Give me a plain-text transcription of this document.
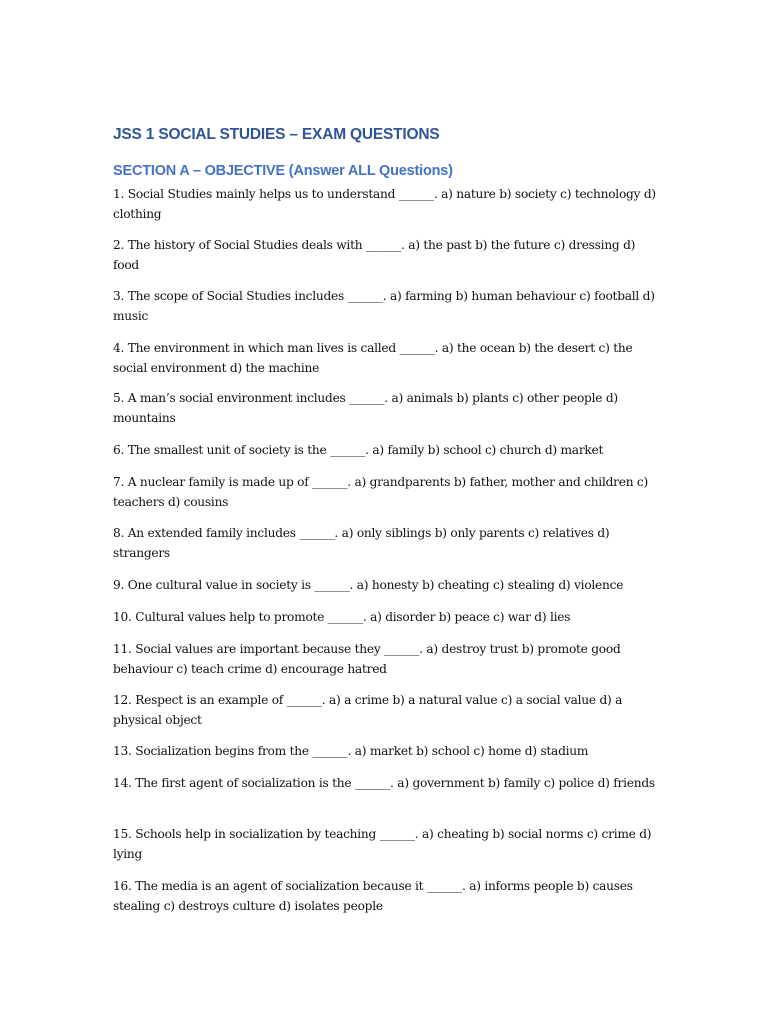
JSS 1 SOCIAL STUDIES – EXAM QUESTIONS
SECTION A – OBJECTIVE (Answer ALL Questions)

1. Social Studies mainly helps us to understand ______. a) nature b) society c) technology d) clothing

2. The history of Social Studies deals with ______. a) the past b) the future c) dressing d) food

3. The scope of Social Studies includes ______. a) farming b) human behaviour c) football d) music

4. The environment in which man lives is called ______. a) the ocean b) the desert c) the social environment d) the machine

5. A man’s social environment includes ______. a) animals b) plants c) other people d) mountains

6. The smallest unit of society is the ______. a) family b) school c) church d) market

7. A nuclear family is made up of ______. a) grandparents b) father, mother and children c) teachers d) cousins

8. An extended family includes ______. a) only siblings b) only parents c) relatives d) strangers

9. One cultural value in society is ______. a) honesty b) cheating c) stealing d) violence

10. Cultural values help to promote ______. a) disorder b) peace c) war d) lies

11. Social values are important because they ______. a) destroy trust b) promote good behaviour c) teach crime d) encourage hatred

12. Respect is an example of ______. a) a crime b) a natural value c) a social value d) a physical object

13. Socialization begins from the ______. a) market b) school c) home d) stadium

14. The first agent of socialization is the ______. a) government b) family c) police d) friends

15. Schools help in socialization by teaching ______. a) cheating b) social norms c) crime d) lying

16. The media is an agent of socialization because it ______. a) informs people b) causes stealing c) destroys culture d) isolates people
